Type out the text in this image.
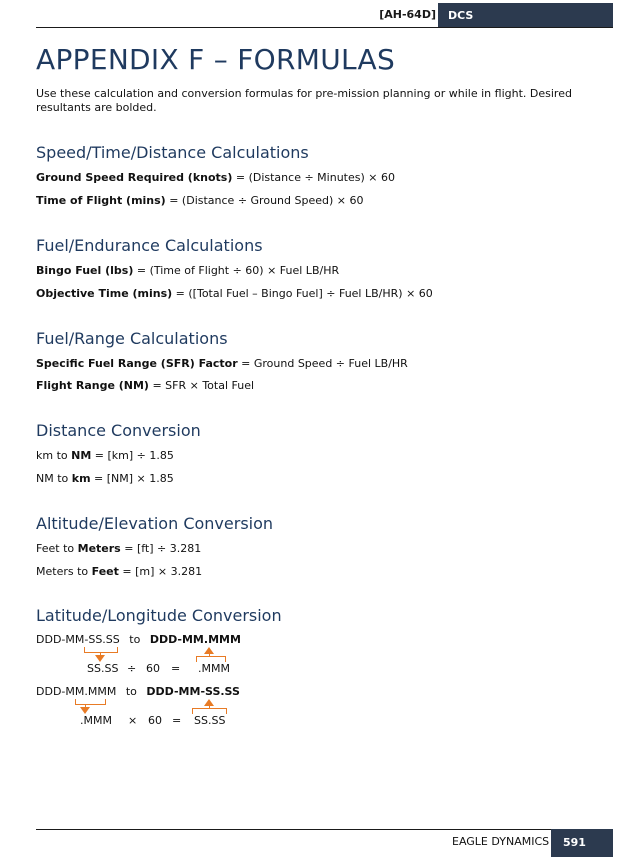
[AH-64D] DCS
APPENDIX F – FORMULAS
Use these calculation and conversion formulas for pre-mission planning or while in flight. Desired resultants are bolded.
Speed/Time/Distance Calculations
Ground Speed Required (knots) = (Distance ÷ Minutes) × 60
Time of Flight (mins) = (Distance ÷ Ground Speed) × 60
Fuel/Endurance Calculations
Bingo Fuel (lbs) = (Time of Flight ÷ 60) × Fuel LB/HR
Objective Time (mins) = ([Total Fuel – Bingo Fuel] ÷ Fuel LB/HR) × 60
Fuel/Range Calculations
Specific Fuel Range (SFR) Factor = Ground Speed ÷ Fuel LB/HR
Flight Range (NM) = SFR × Total Fuel
Distance Conversion
km to NM = [km] ÷ 1.85
NM to km = [NM] × 1.85
Altitude/Elevation Conversion
Feet to Meters = [ft] ÷ 3.281
Meters to Feet = [m] × 3.281
Latitude/Longitude Conversion
DDD-MM-SS.SS to DDD-MM.MMM
SS.SS ÷ 60 = .MMM
DDD-MM.MMM to DDD-MM-SS.SS
.MMM × 60 = SS.SS
EAGLE DYNAMICS 591
